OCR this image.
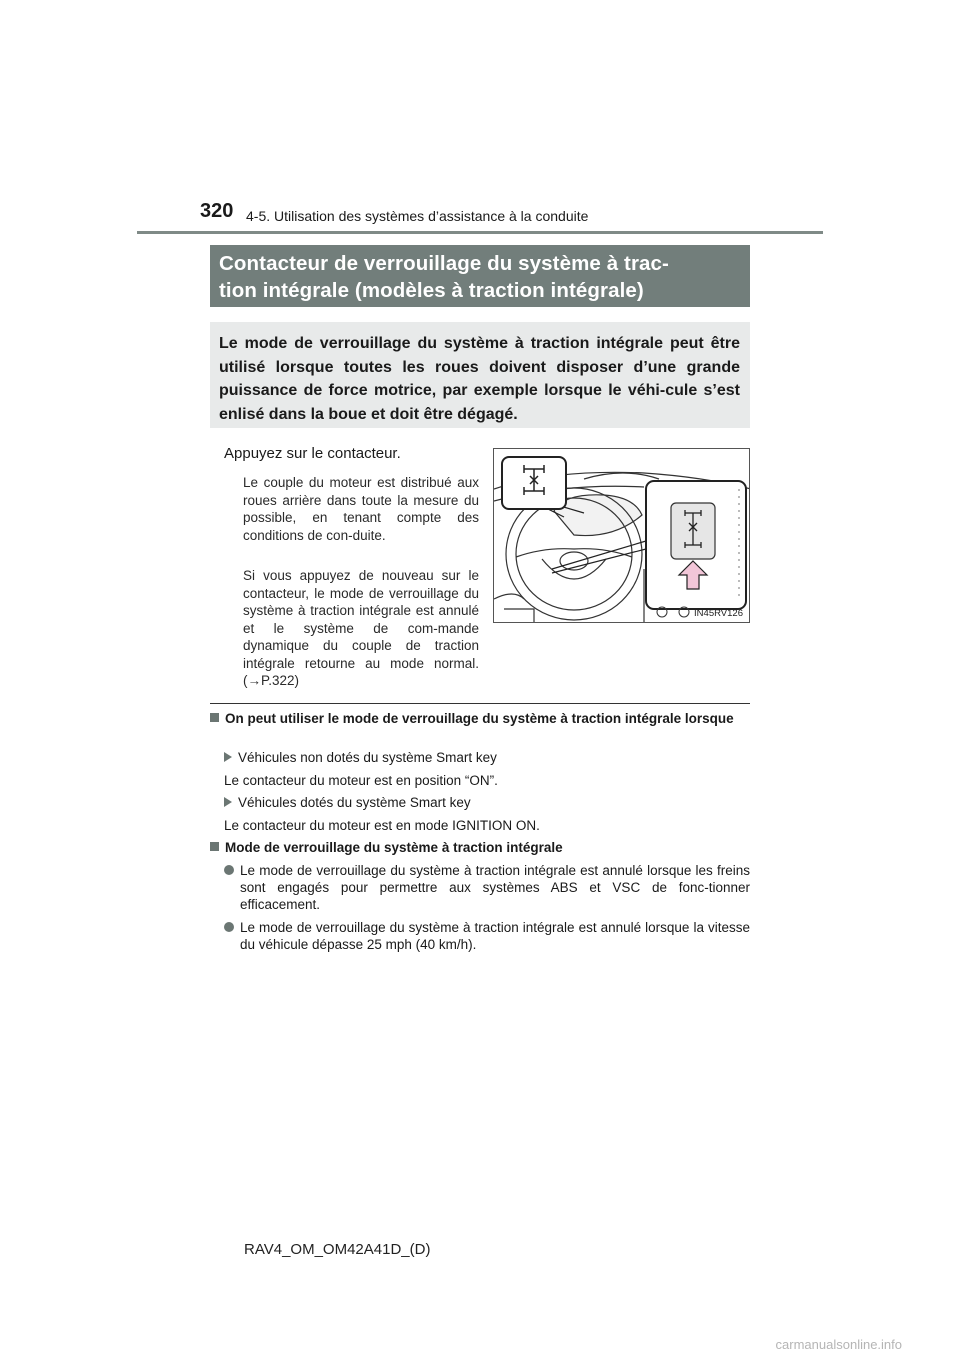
320 4-5. Utilisation des systèmes d’assistance à la conduite
Contacteur de verrouillage du système à trac-
tion intégrale (modèles à traction intégrale)
Le mode de verrouillage du système à traction intégrale peut être utilisé lorsque toutes les roues doivent disposer d’une grande puissance de force motrice, par exemple lorsque le véhi-cule s’est enlisé dans la boue et doit être dégagé.
Appuyez sur le contacteur.
Le couple du moteur est distribué aux roues arrière dans toute la mesure du possible, en tenant compte des conditions de con-duite.
Si vous appuyez de nouveau sur le contacteur, le mode de verrouillage du système à traction intégrale est annulé et le système de com-mande dynamique du couple de traction intégrale retourne au mode normal. (→P.322)
IN45RV126
On peut utiliser le mode de verrouillage du système à traction intégrale lorsque
Véhicules non dotés du système Smart key
Le contacteur du moteur est en position “ON”.
Véhicules dotés du système Smart key
Le contacteur du moteur est en mode IGNITION ON.
Mode de verrouillage du système à traction intégrale
Le mode de verrouillage du système à traction intégrale est annulé lorsque les freins sont engagés pour permettre aux systèmes ABS et VSC de fonc-tionner efficacement.
Le mode de verrouillage du système à traction intégrale est annulé lorsque la vitesse du véhicule dépasse 25 mph (40 km/h).
RAV4_OM_OM42A41D_(D)
carmanualsonline.info
